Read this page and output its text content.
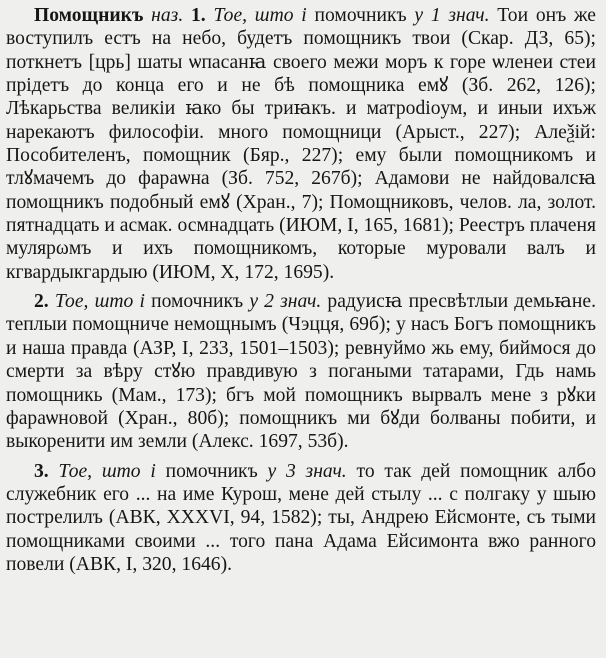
Помощникъ наз. 1. Тое, што і помочникъ у 1 знач. Тои онъ же воступилъ естъ на небо, будетъ помощникъ твои (Скар. ДЗ, 65); поткнетъ [црь] шаты ѡпасанꙗ своего межи моръ к горе ѡленеи стеи прідетъ до конца его и не бѣ помощника емꙋ (Зб. 262, 126); Лѣкарьства великiи ꙗко бы триꙗкъ. и матрodioум, и иныи ихъж нарекаютъ философiи. много помощници (Арыст., 227); Алеѯiй: Пособителенъ, помощник (Бяр., 227); ему были помощникомъ и тлꙋмачемъ до фараѡна (Зб. 752, 267б); Адамови не найдовалсꙗ помощникъ подобный емꙋ (Хран., 7); Помощниковъ, челов. ла, золот. пятнадцать и асмак. осмнадцать (ИЮМ, І, 165, 1681); Реестръ плаченя мулярωмъ и ихъ помощникомъ, которые муровали валъ и кгвардыкгардыю (ИЮМ, Х, 172, 1695).

2. Тое, што і помочникъ у 2 знач. радуисꙗ пресвѣтлыи демьꙗне. теплыи помощниче немощнымъ (Чэцця, 69б); у насъ Богъ помощникъ и наша правда (АЗР, І, 233, 1501–1503); ревнуймо жь ему, биймося до смерти за вѣру стꙋю правдивую з погаными татарами, Гдь намь помощникь (Мам., 173); бгъ мой помощникъ вырвалъ мене з рꙋки фараѡновой (Хран., 80б); помощникъ ми бꙋди болваны побити, и выкоренити им земли (Алекс. 1697, 53б).

3. Тое, што і помочникъ у 3 знач. то так дей помощник албо служебник его ... на име Курош, мене дей стылу ... с полгаку у шыю пострелилъ (АВК, XXXVI, 94, 1582); ты, Андрею Ейсмонте, съ тыми помощниками своими ... того пана Адама Ейсимонта вжо ранного повели (АВК, І, 320, 1646).
